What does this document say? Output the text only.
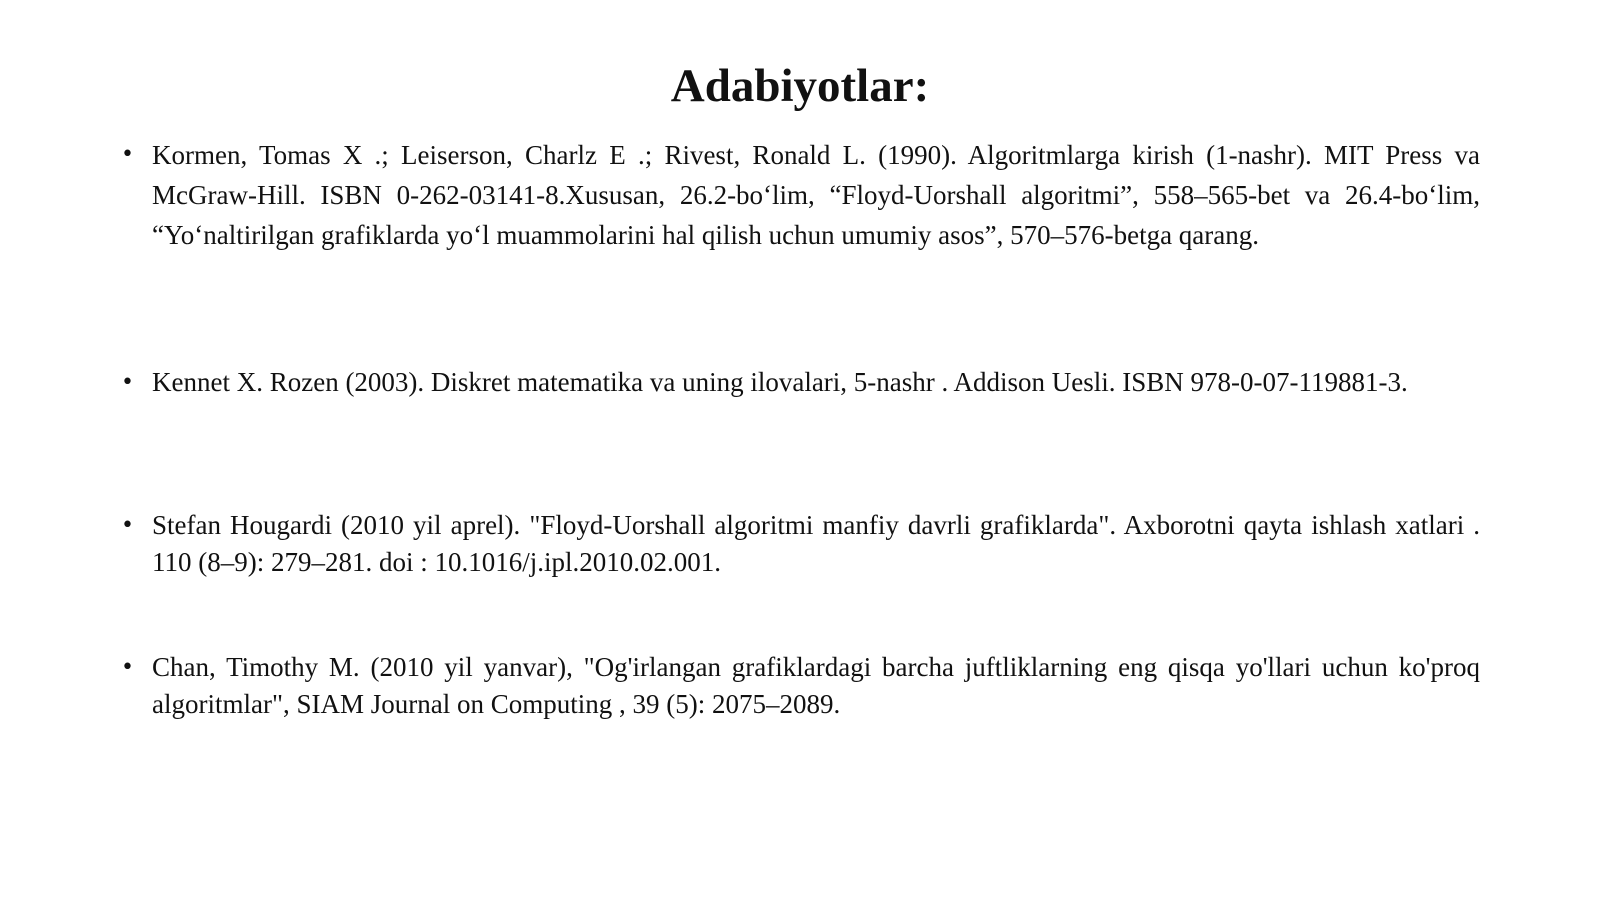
Adabiyotlar:
• Kormen, Tomas X .; Leiserson, Charlz E .; Rivest, Ronald L. (1990). Algoritmlarga kirish (1-nashr). MIT Press va McGraw-Hill. ISBN 0-262-03141-8.Xususan, 26.2-bo‘lim, “Floyd-Uorshall algoritmi”, 558–565-bet va 26.4-bo‘lim, “Yo‘naltirilgan grafiklarda yo‘l muammolarini hal qilish uchun umumiy asos”, 570–576-betga qarang.
• Kennet X. Rozen (2003). Diskret matematika va uning ilovalari, 5-nashr . Addison Uesli. ISBN 978-0-07-119881-3.
• Stefan Hougardi (2010 yil aprel). "Floyd-Uorshall algoritmi manfiy davrli grafiklarda". Axborotni qayta ishlash xatlari . 110 (8–9): 279–281. doi : 10.1016/j.ipl.2010.02.001.
• Chan, Timothy M. (2010 yil yanvar), "Og'irlangan grafiklardagi barcha juftliklarning eng qisqa yo'llari uchun ko'proq algoritmlar", SIAM Journal on Computing , 39 (5): 2075–2089.
